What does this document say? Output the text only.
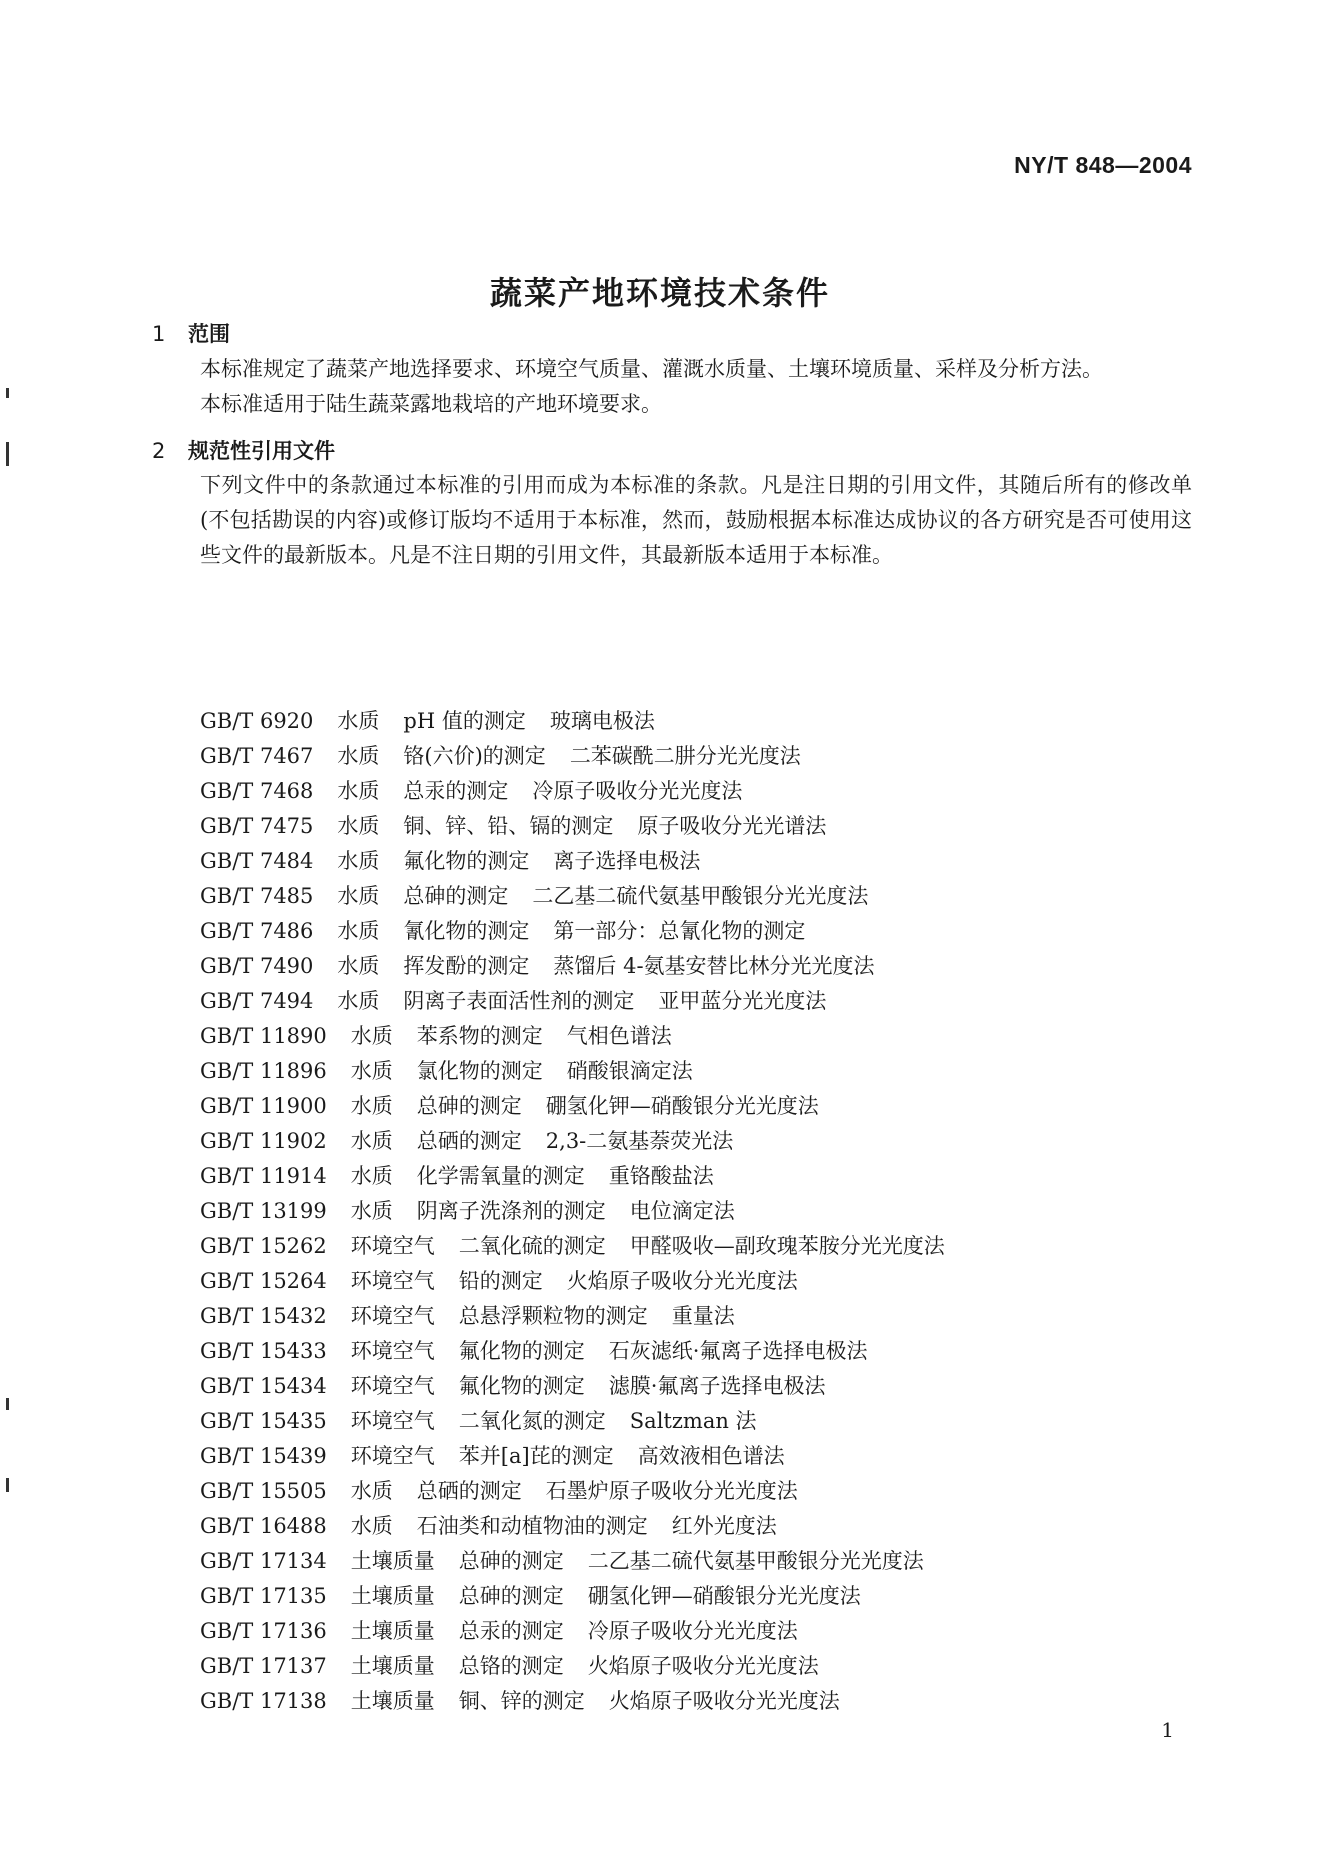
NY/T 848—2004
蔬菜产地环境技术条件
1 范围
本标准规定了蔬菜产地选择要求、环境空气质量、灌溉水质量、土壤环境质量、采样及分析方法。
本标准适用于陆生蔬菜露地栽培的产地环境要求。
2 规范性引用文件
下列文件中的条款通过本标准的引用而成为本标准的条款。凡是注日期的引用文件，其随后所有的修改单(不包括勘误的内容)或修订版均不适用于本标准，然而，鼓励根据本标准达成协议的各方研究是否可使用这些文件的最新版本。凡是不注日期的引用文件，其最新版本适用于本标准。
GB/T 6920 水质 pH 值的测定 玻璃电极法
GB/T 7467 水质 铬(六价)的测定 二苯碳酰二肼分光光度法
GB/T 7468 水质 总汞的测定 冷原子吸收分光光度法
GB/T 7475 水质 铜、锌、铅、镉的测定 原子吸收分光光谱法
GB/T 7484 水质 氟化物的测定 离子选择电极法
GB/T 7485 水质 总砷的测定 二乙基二硫代氨基甲酸银分光光度法
GB/T 7486 水质 氰化物的测定 第一部分：总氰化物的测定
GB/T 7490 水质 挥发酚的测定 蒸馏后 4-氨基安替比林分光光度法
GB/T 7494 水质 阴离子表面活性剂的测定 亚甲蓝分光光度法
GB/T 11890 水质 苯系物的测定 气相色谱法
GB/T 11896 水质 氯化物的测定 硝酸银滴定法
GB/T 11900 水质 总砷的测定 硼氢化钾—硝酸银分光光度法
GB/T 11902 水质 总硒的测定 2,3-二氨基萘荧光法
GB/T 11914 水质 化学需氧量的测定 重铬酸盐法
GB/T 13199 水质 阴离子洗涤剂的测定 电位滴定法
GB/T 15262 环境空气 二氧化硫的测定 甲醛吸收—副玫瑰苯胺分光光度法
GB/T 15264 环境空气 铅的测定 火焰原子吸收分光光度法
GB/T 15432 环境空气 总悬浮颗粒物的测定 重量法
GB/T 15433 环境空气 氟化物的测定 石灰滤纸·氟离子选择电极法
GB/T 15434 环境空气 氟化物的测定 滤膜·氟离子选择电极法
GB/T 15435 环境空气 二氧化氮的测定 Saltzman 法
GB/T 15439 环境空气 苯并[a]芘的测定 高效液相色谱法
GB/T 15505 水质 总硒的测定 石墨炉原子吸收分光光度法
GB/T 16488 水质 石油类和动植物油的测定 红外光度法
GB/T 17134 土壤质量 总砷的测定 二乙基二硫代氨基甲酸银分光光度法
GB/T 17135 土壤质量 总砷的测定 硼氢化钾—硝酸银分光光度法
GB/T 17136 土壤质量 总汞的测定 冷原子吸收分光光度法
GB/T 17137 土壤质量 总铬的测定 火焰原子吸收分光光度法
GB/T 17138 土壤质量 铜、锌的测定 火焰原子吸收分光光度法
1
